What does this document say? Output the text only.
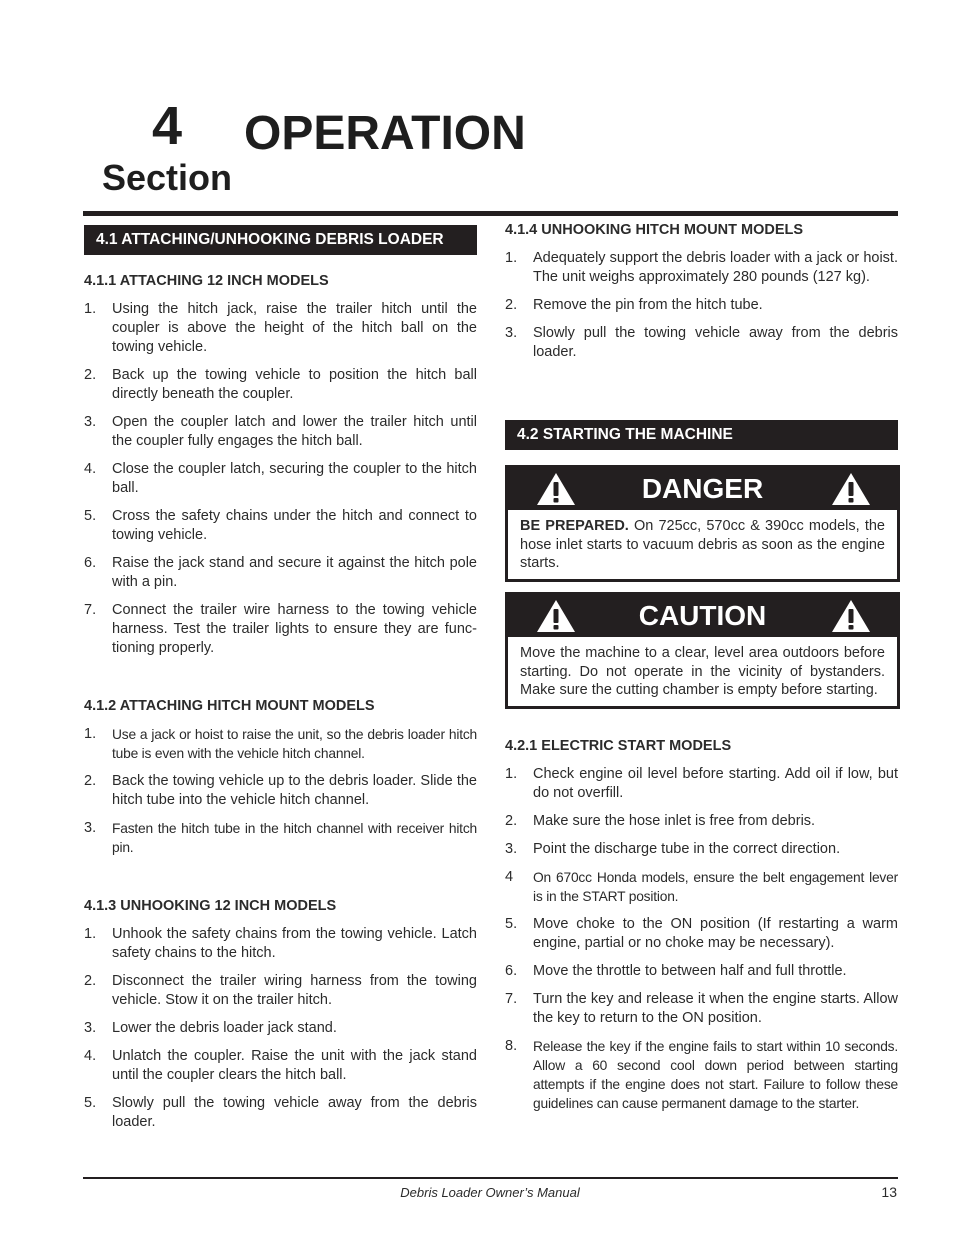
4 OPERATION
Section
4.1 ATTACHING/UNHOOKING DEBRIS LOADER
4.1.1 ATTACHING 12 INCH MODELS
1.	Using the hitch jack, raise the trailer hitch until the coupler is above the height of the hitch ball on the towing vehicle.
2.	Back up the towing vehicle to position the hitch ball directly beneath the coupler.
3.	Open the coupler latch and lower the trailer hitch until the coupler fully engages the hitch ball.
4.	Close the coupler latch, securing the coupler to the hitch ball.
5.	Cross the safety chains under the hitch and connect to towing vehicle.
6.	Raise the jack stand and secure it against the hitch pole with a pin.
7.	Connect the trailer wire harness to the towing vehicle harness. Test the trailer lights to ensure they are func-tioning properly.
4.1.2 ATTACHING HITCH MOUNT MODELS
1.	Use a jack or hoist to raise the unit, so the debris loader hitch tube is even with the vehicle hitch channel.
2.	Back the towing vehicle up to the debris loader. Slide the hitch tube into the vehicle hitch channel.
3.	Fasten the hitch tube in the hitch channel with receiver hitch pin.
4.1.3 UNHOOKING 12 INCH MODELS
1.	Unhook the safety chains from the towing vehicle. Latch safety chains to the hitch.
2.	Disconnect the trailer wiring harness from the towing vehicle. Stow it on the trailer hitch.
3.	Lower the debris loader jack stand.
4.	Unlatch the coupler. Raise the unit with the jack stand until the coupler clears the hitch ball.
5.	Slowly pull the towing vehicle away from the debris loader.
4.1.4 UNHOOKING HITCH MOUNT MODELS
1.	Adequately support the debris loader with a jack or hoist. The unit weighs approximately 280 pounds (127 kg).
2.	Remove the pin from the hitch tube.
3.	Slowly pull the towing vehicle away from the debris loader.
4.2 STARTING THE MACHINE
DANGER
BE PREPARED. On 725cc, 570cc & 390cc models, the hose inlet starts to vacuum debris as soon as the engine starts.
CAUTION
Move the machine to a clear, level area outdoors before starting. Do not operate in the vicinity of bystanders. Make sure the cutting chamber is empty before starting.
4.2.1 ELECTRIC START MODELS
1.	Check engine oil level before starting. Add oil if low, but do not overfill.
2.	Make sure the hose inlet is free from debris.
3.	Point the discharge tube in the correct direction.
4	On 670cc Honda models, ensure the belt engagement lever is in the START position.
5.	Move choke to the ON position (If restarting a warm engine, partial or no choke may be necessary).
6.	Move the throttle to between half and full throttle.
7.	Turn the key and release it when the engine starts. Allow the key to return to the ON position.
8.	Release the key if the engine fails to start within 10 seconds. Allow a 60 second cool down period between starting attempts if the engine does not start. Failure to follow these guidelines can cause permanent damage to the starter.
Debris Loader Owner’s Manual	13
